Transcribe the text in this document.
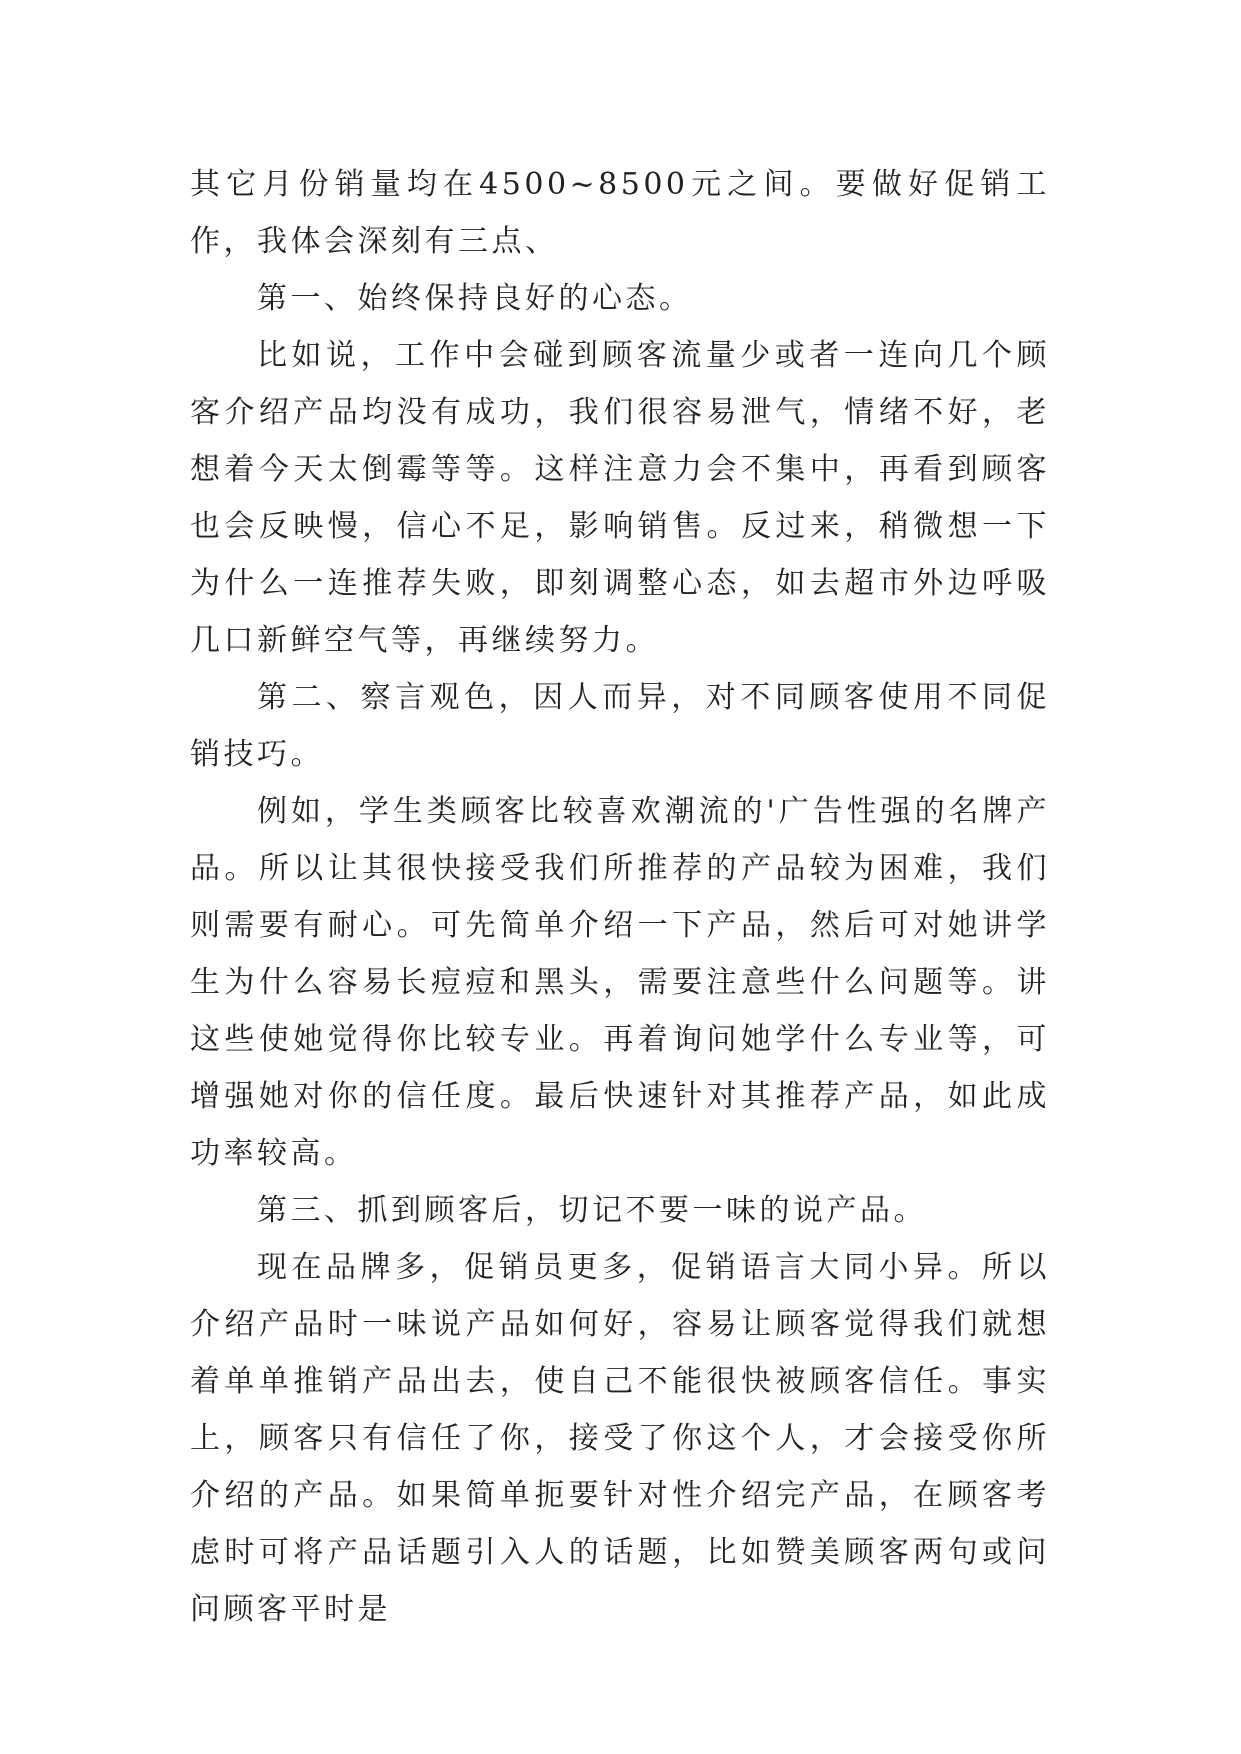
其它月份销量均在4500~8500元之间。要做好促销工作，我体会深刻有三点、

第一、始终保持良好的心态。

比如说，工作中会碰到顾客流量少或者一连向几个顾客介绍产品均没有成功，我们很容易泄气，情绪不好，老想着今天太倒霉等等。这样注意力会不集中，再看到顾客也会反映慢，信心不足，影响销售。反过来，稍微想一下为什么一连推荐失败，即刻调整心态，如去超市外边呼吸几口新鲜空气等，再继续努力。

第二、察言观色，因人而异，对不同顾客使用不同促销技巧。

例如，学生类顾客比较喜欢潮流的'广告性强的名牌产品。所以让其很快接受我们所推荐的产品较为困难，我们则需要有耐心。可先简单介绍一下产品，然后可对她讲学生为什么容易长痘痘和黑头，需要注意些什么问题等。讲这些使她觉得你比较专业。再着询问她学什么专业等，可增强她对你的信任度。最后快速针对其推荐产品，如此成功率较高。

第三、抓到顾客后，切记不要一味的说产品。

现在品牌多，促销员更多，促销语言大同小异。所以介绍产品时一味说产品如何好，容易让顾客觉得我们就想着单单推销产品出去，使自己不能很快被顾客信任。事实上，顾客只有信任了你，接受了你这个人，才会接受你所介绍的产品。如果简单扼要针对性介绍完产品，在顾客考虑时可将产品话题引入人的话题，比如赞美顾客两句或问问顾客平时是
